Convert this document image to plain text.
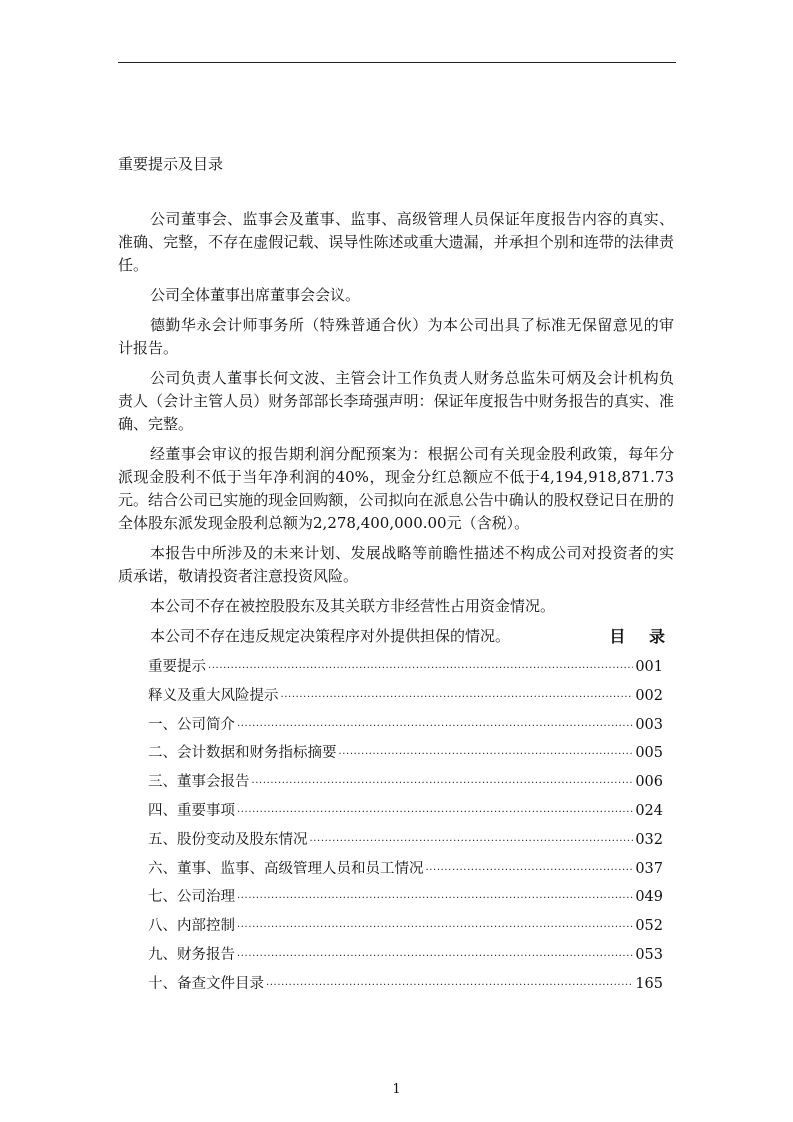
重要提示及目录

公司董事会、监事会及董事、监事、高级管理人员保证年度报告内容的真实、准确、完整，不存在虚假记载、误导性陈述或重大遗漏，并承担个别和连带的法律责任。

公司全体董事出席董事会会议。

德勤华永会计师事务所（特殊普通合伙）为本公司出具了标准无保留意见的审计报告。

公司负责人董事长何文波、主管会计工作负责人财务总监朱可炳及会计机构负责人（会计主管人员）财务部部长李琦强声明：保证年度报告中财务报告的真实、准确、完整。

经董事会审议的报告期利润分配预案为：根据公司有关现金股利政策，每年分派现金股利不低于当年净利润的40%，现金分红总额应不低于4,194,918,871.73元。结合公司已实施的现金回购额，公司拟向在派息公告中确认的股权登记日在册的全体股东派发现金股利总额为2,278,400,000.00元（含税）。

本报告中所涉及的未来计划、发展战略等前瞻性描述不构成公司对投资者的实质承诺，敬请投资者注意投资风险。

本公司不存在被控股股东及其关联方非经营性占用资金情况。

本公司不存在违反规定决策程序对外提供担保的情况。	目 录
重要提示 ·····	001
释义及重大风险提示 ·····	002
一、公司简介 ·····	003
二、会计数据和财务指标摘要 ·····	005
三、董事会报告 ·····	006
四、重要事项 ·····	024
五、股份变动及股东情况 ·····	032
六、董事、监事、高级管理人员和员工情况 ·····	037
七、公司治理 ·····	049
八、内部控制 ·····	052
九、财务报告 ·····	053
十、备查文件目录 ·····	165
1
